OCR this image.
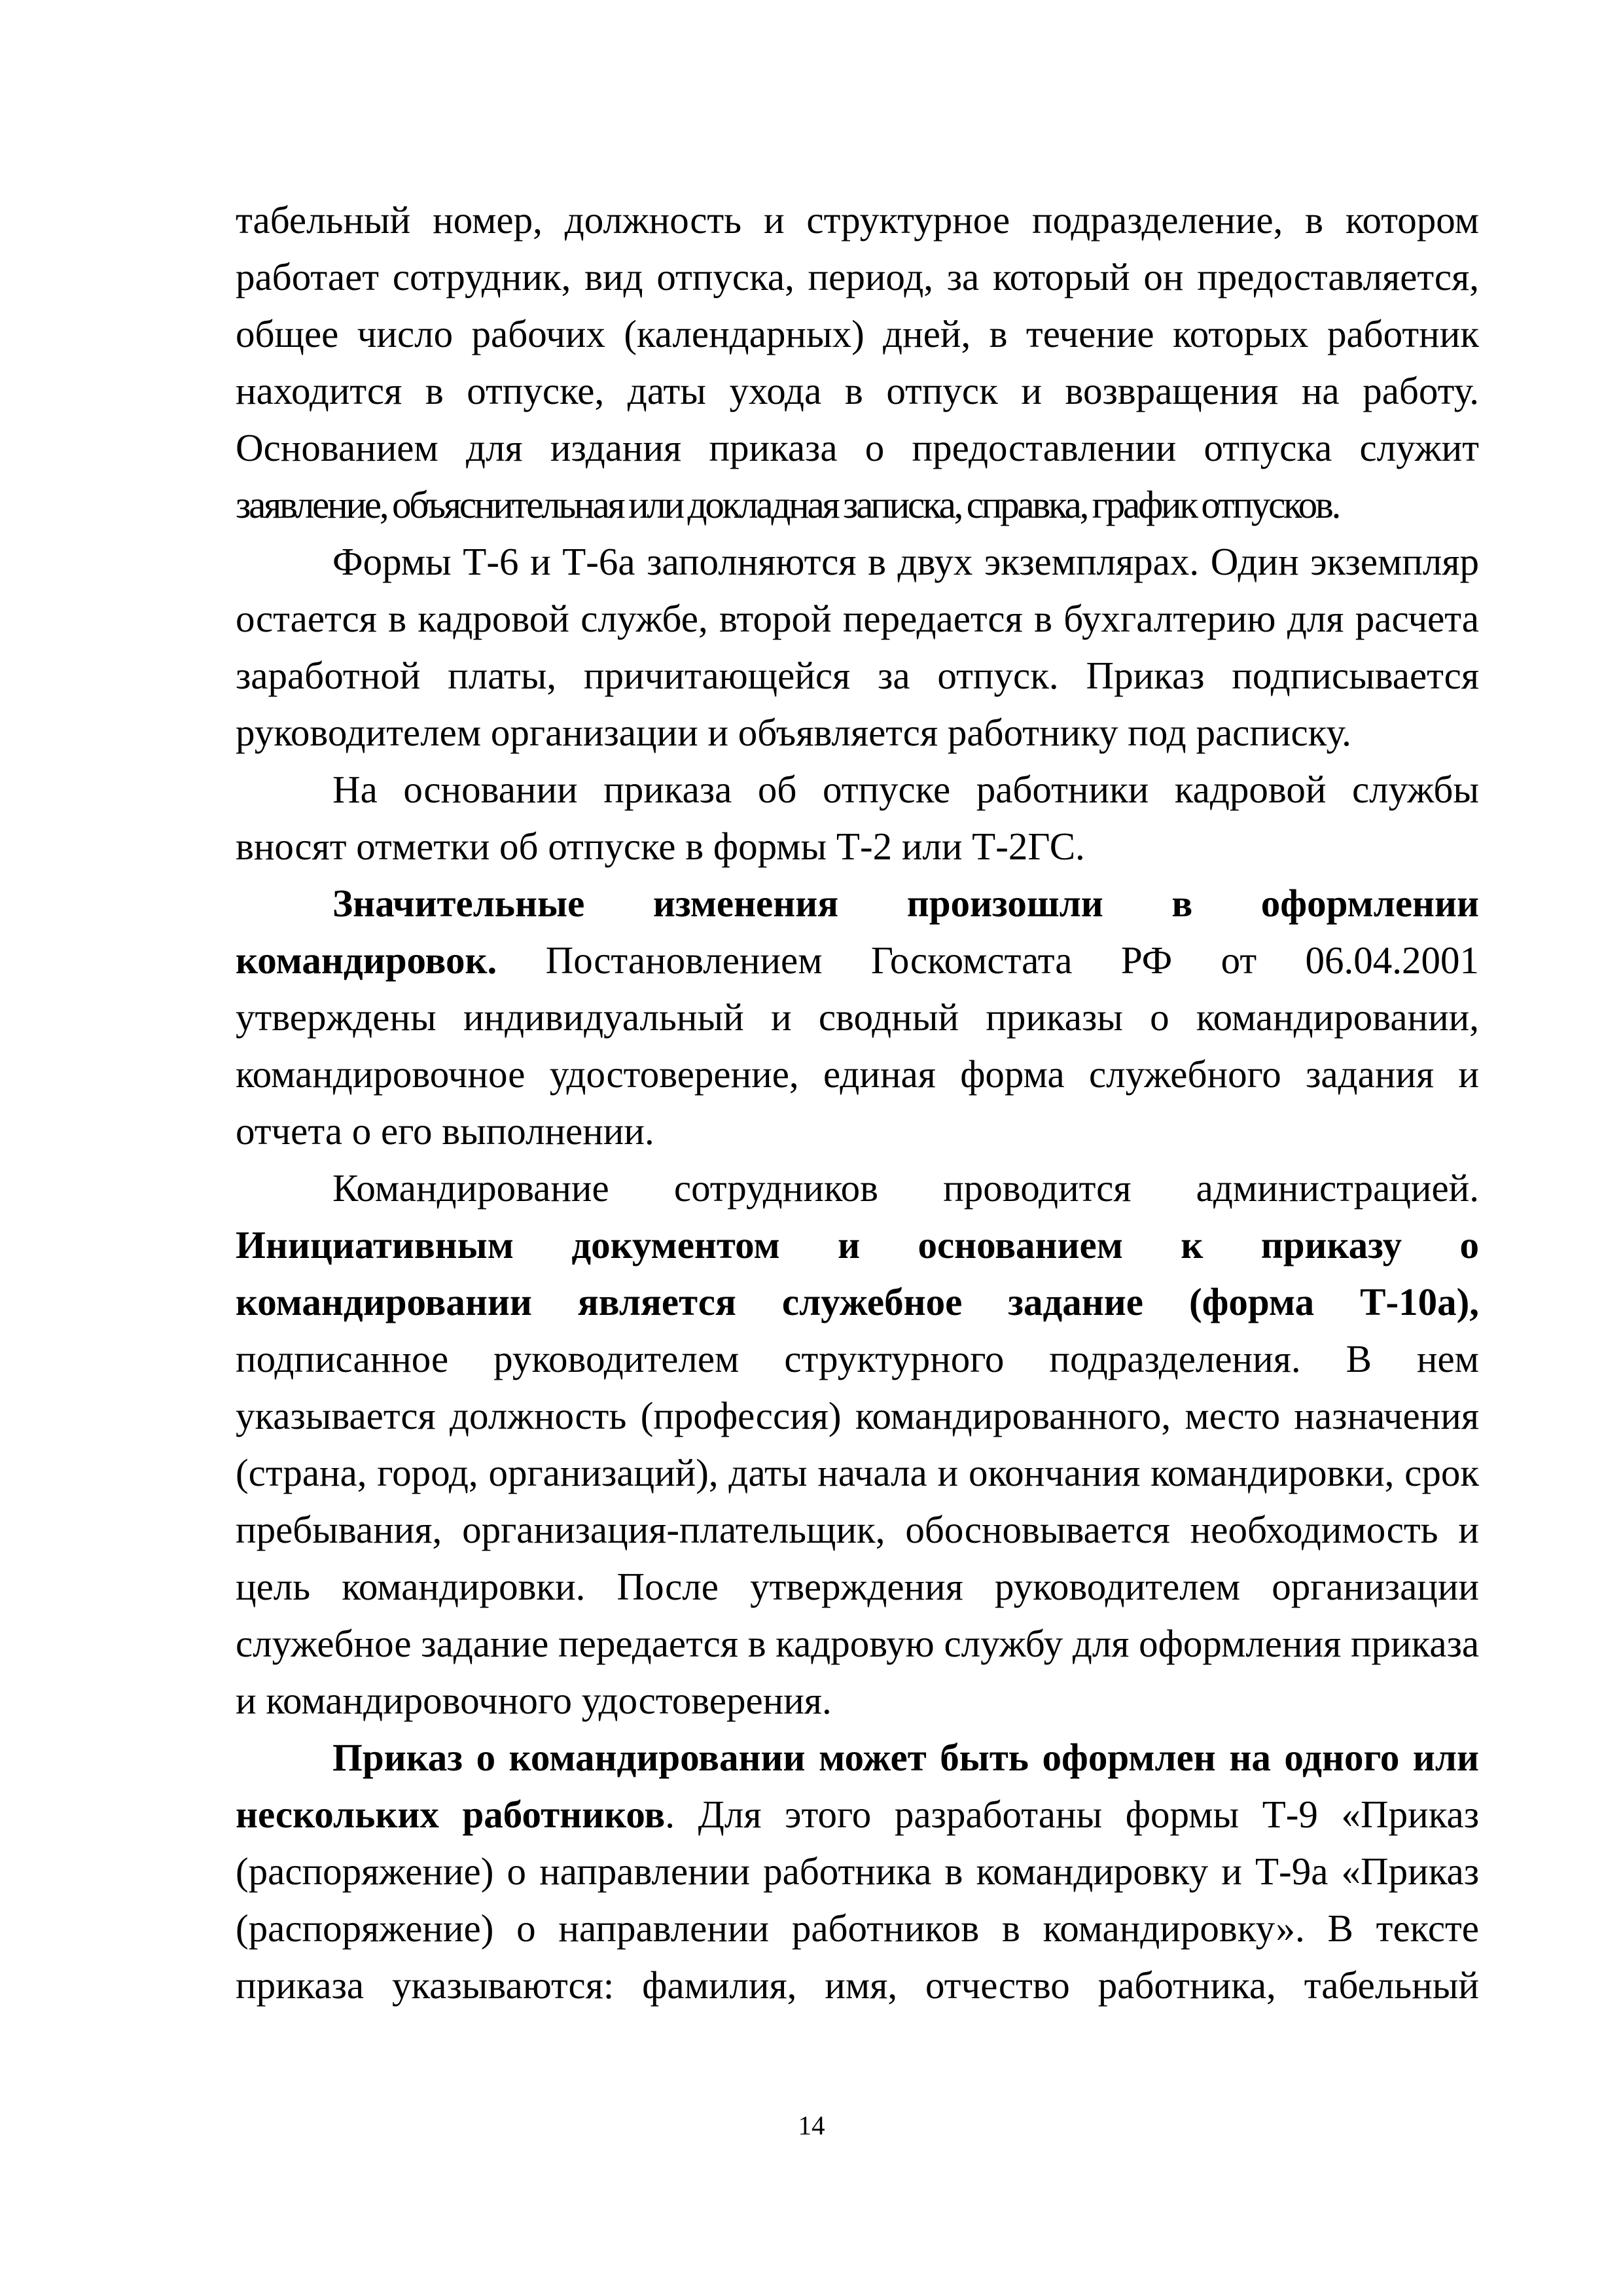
табельный номер, должность и структурное подразделение, в котором
работает сотрудник, вид отпуска, период, за который он предоставляется,
общее число рабочих (календарных) дней, в течение которых работник
находится в отпуске, даты ухода в отпуск и возвращения на работу.
Основанием для издания приказа о предоставлении отпуска служит
заявление, объяснительная или докладная записка, справка, график отпусков.
Формы Т-6 и Т-6а заполняются в двух экземплярах. Один экземпляр
остается в кадровой службе, второй передается в бухгалтерию для расчета
заработной платы, причитающейся за отпуск. Приказ подписывается
руководителем организации и объявляется работнику под расписку.
На основании приказа об отпуске работники кадровой службы
вносят отметки об отпуске в формы Т-2 или Т-2ГС.
Значительные изменения произошли в оформлении
командировок. Постановлением Госкомстата РФ от 06.04.2001
утверждены индивидуальный и сводный приказы о командировании,
командировочное удостоверение, единая форма служебного задания и
отчета о его выполнении.
Командирование сотрудников проводится администрацией.
Инициативным документом и основанием к приказу о
командировании является служебное задание (форма Т-10а),
подписанное руководителем структурного подразделения. В нем
указывается должность (профессия) командированного, место назначения
(страна, город, организаций), даты начала и окончания командировки, срок
пребывания, организация-плательщик, обосновывается необходимость и
цель командировки. После утверждения руководителем организации
служебное задание передается в кадровую службу для оформления приказа
и командировочного удостоверения.
Приказ о командировании может быть оформлен на одного или
нескольких работников. Для этого разработаны формы Т-9 «Приказ
(распоряжение) о направлении работника в командировку и Т-9а «Приказ
(распоряжение) о направлении работников в командировку». В тексте
приказа указываются: фамилия, имя, отчество работника, табельный
14
